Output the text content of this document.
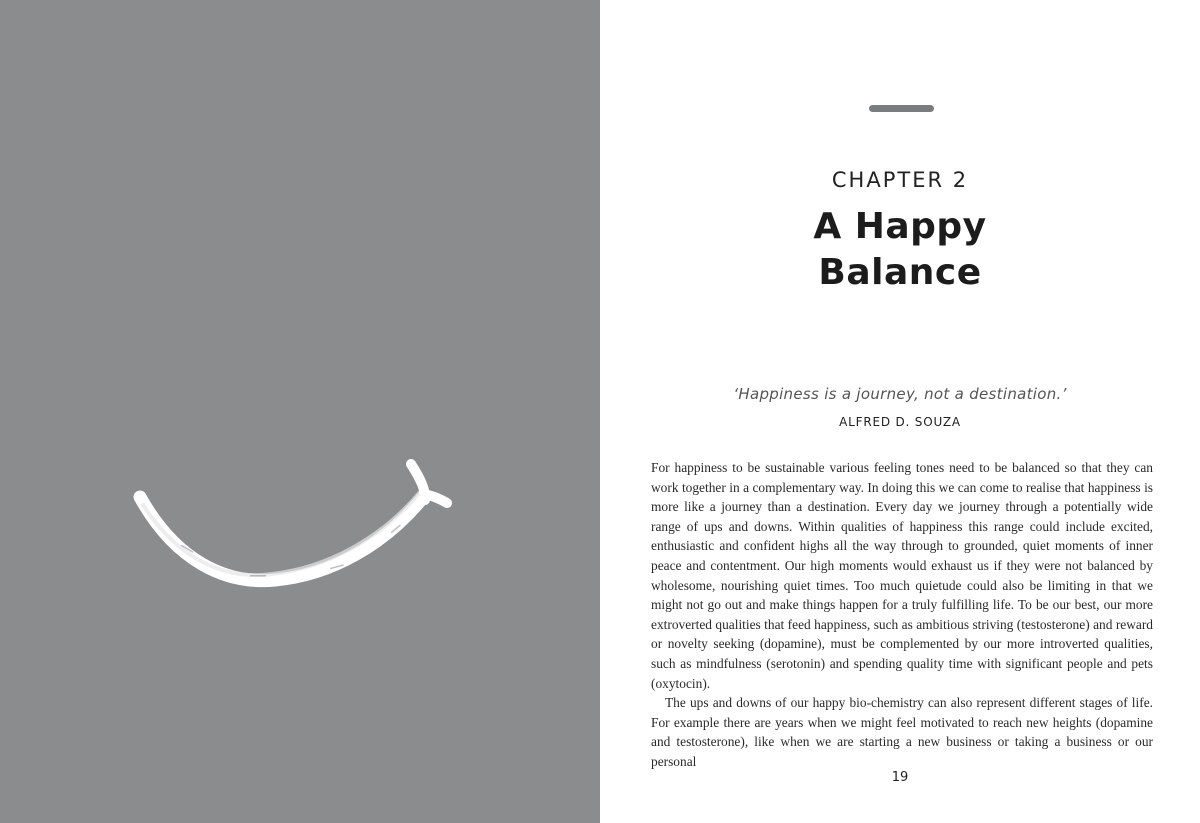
CHAPTER 2
A Happy
Balance
‘Happiness is a journey, not a destination.’
ALFRED D. SOUZA

For happiness to be sustainable various feeling tones need to be balanced so that they can work together in a complementary way. In doing this we can come to realise that happiness is more like a journey than a destination. Every day we journey through a potentially wide range of ups and downs. Within qualities of happiness this range could include excited, enthusiastic and confident highs all the way through to grounded, quiet moments of inner peace and contentment. Our high moments would exhaust us if they were not balanced by wholesome, nourishing quiet times. Too much quietude could also be limiting in that we might not go out and make things happen for a truly fulfilling life. To be our best, our more extroverted qualities that feed happiness, such as ambitious striving (testosterone) and reward or novelty seeking (dopamine), must be complemented by our more introverted qualities, such as mindfulness (serotonin) and spending quality time with significant people and pets (oxytocin).

The ups and downs of our happy bio-chemistry can also represent different stages of life. For example there are years when we might feel motivated to reach new heights (dopamine and testosterone), like when we are starting a new business or taking a business or our personal

19
